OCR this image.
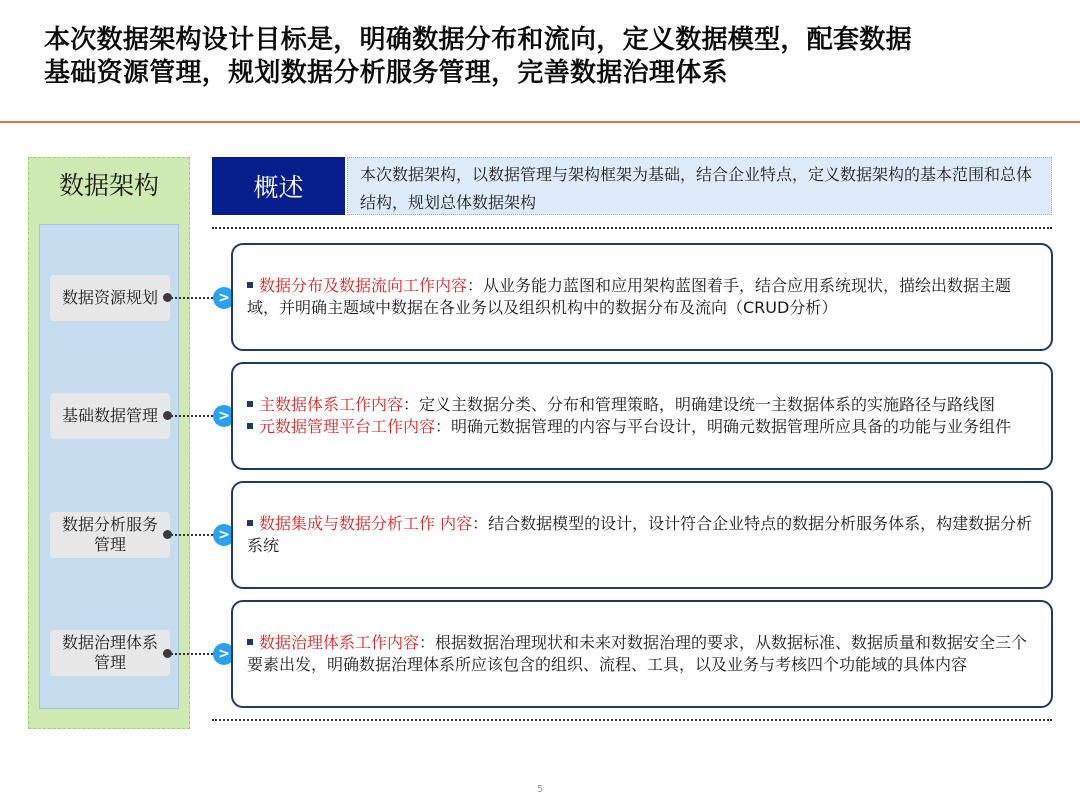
本次数据架构设计目标是，明确数据分布和流向，定义数据模型，配套数据
基础资源管理，规划数据分析服务管理，完善数据治理体系
数据架构
数据资源规划
基础数据管理
数据分析服务管理
数据治理体系管理
>
>
>
>
概述	本次数据架构，以数据管理与架构框架为基础，结合企业特点，定义数据架构的基本范围和总体结构，规划总体数据架构
数据分布及数据流向工作内容：从业务能力蓝图和应用架构蓝图着手，结合应用系统现状，描绘出数据主题域，并明确主题域中数据在各业务以及组织机构中的数据分布及流向（CRUD分析）
主数据体系工作内容：定义主数据分类、分布和管理策略，明确建设统一主数据体系的实施路径与路线图
元数据管理平台工作内容：明确元数据管理的内容与平台设计，明确元数据管理所应具备的功能与业务组件
数据集成与数据分析工作 内容：结合数据模型的设计，设计符合企业特点的数据分析服务体系，构建数据分析系统
数据治理体系工作内容：根据数据治理现状和未来对数据治理的要求，从数据标准、数据质量和数据安全三个要素出发，明确数据治理体系所应该包含的组织、流程、工具，以及业务与考核四个功能域的具体内容
5
